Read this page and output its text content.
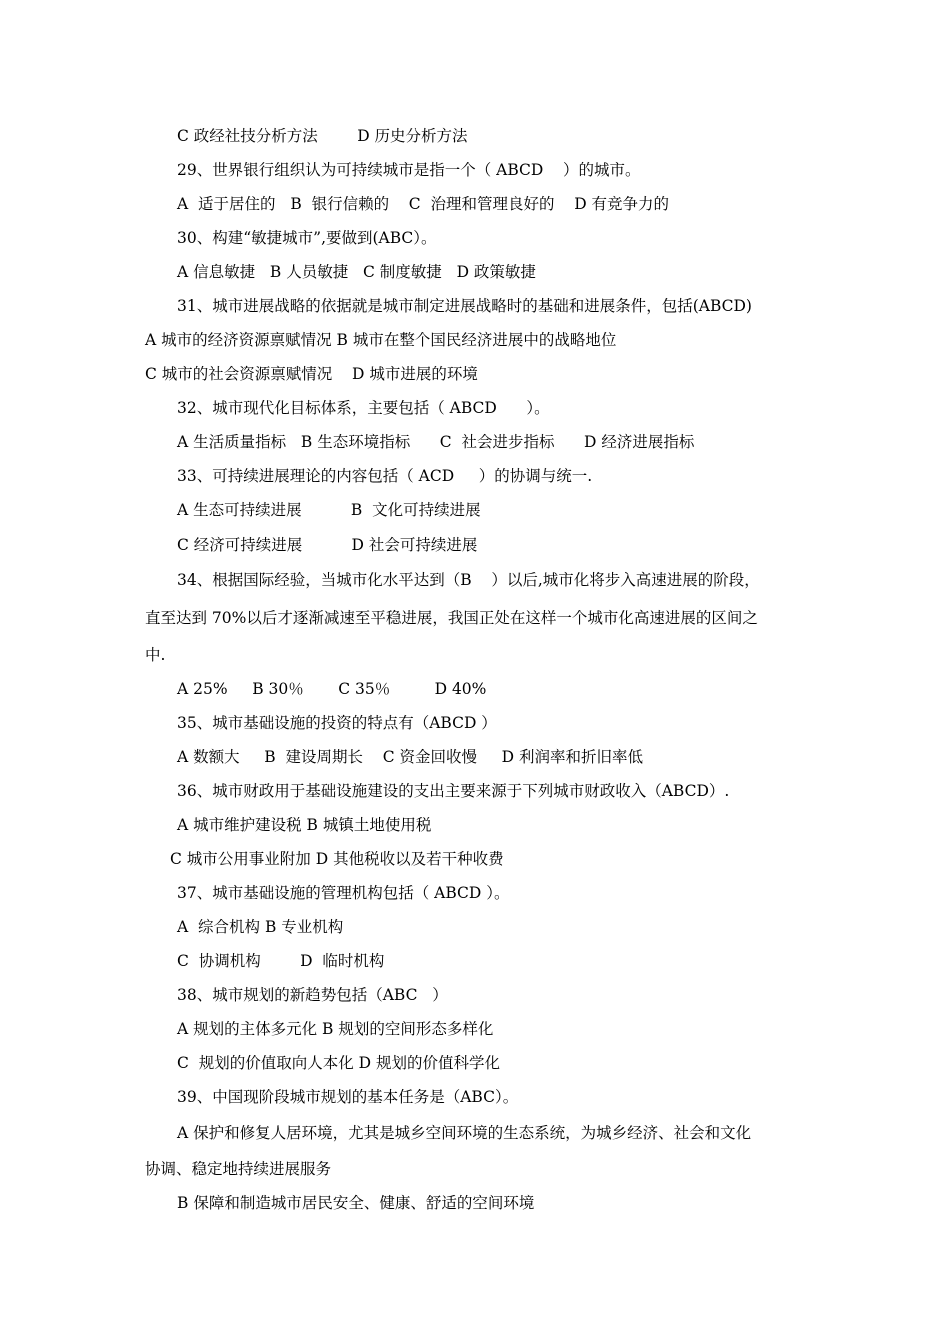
C 政经社技分析方法        D 历史分析方法
29、世界银行组织认为可持续城市是指一个（ ABCD    ）的城市。
A  适于居住的   B  银行信赖的    C  治理和管理良好的    D 有竞争力的
30、构建“敏捷城市”,要做到(ABC）。
A 信息敏捷   B 人员敏捷   C 制度敏捷   D 政策敏捷
31、城市进展战略的依据就是城市制定进展战略时的基础和进展条件，包括(ABCD)
A 城市的经济资源禀赋情况 B 城市在整个国民经济进展中的战略地位
C 城市的社会资源禀赋情况    D 城市进展的环境
32、城市现代化目标体系，主要包括（ ABCD      ）。
A 生活质量指标   B 生态环境指标      C  社会进步指标      D 经济进展指标
33、可持续进展理论的内容包括（ ACD     ）的协调与统一.
A 生态可持续进展          B  文化可持续进展
C 经济可持续进展          D 社会可持续进展
34、根据国际经验，当城市化水平达到（B    ）以后,城市化将步入高速进展的阶段，
直至达到 70%以后才逐渐减速至平稳进展，我国正处在这样一个城市化高速进展的区间之
中.
A 25%     B 30％       C 35％         D 40%
35、城市基础设施的投资的特点有（ABCD ）
A 数额大     B  建设周期长    C 资金回收慢     D 利润率和折旧率低
36、城市财政用于基础设施建设的支出主要来源于下列城市财政收入（ABCD）.
A 城市维护建设税 B 城镇土地使用税
C 城市公用事业附加 D 其他税收以及若干种收费
37、城市基础设施的管理机构包括（ ABCD ）。
A  综合机构 B 专业机构
C  协调机构        D  临时机构
38、城市规划的新趋势包括（ABC   ）
A 规划的主体多元化 B 规划的空间形态多样化
C  规划的价值取向人本化 D 规划的价值科学化
39、中国现阶段城市规划的基本任务是（ABC）。
A 保护和修复人居环境，尤其是城乡空间环境的生态系统，为城乡经济、社会和文化
协调、稳定地持续进展服务
B 保障和制造城市居民安全、健康、舒适的空间环境
